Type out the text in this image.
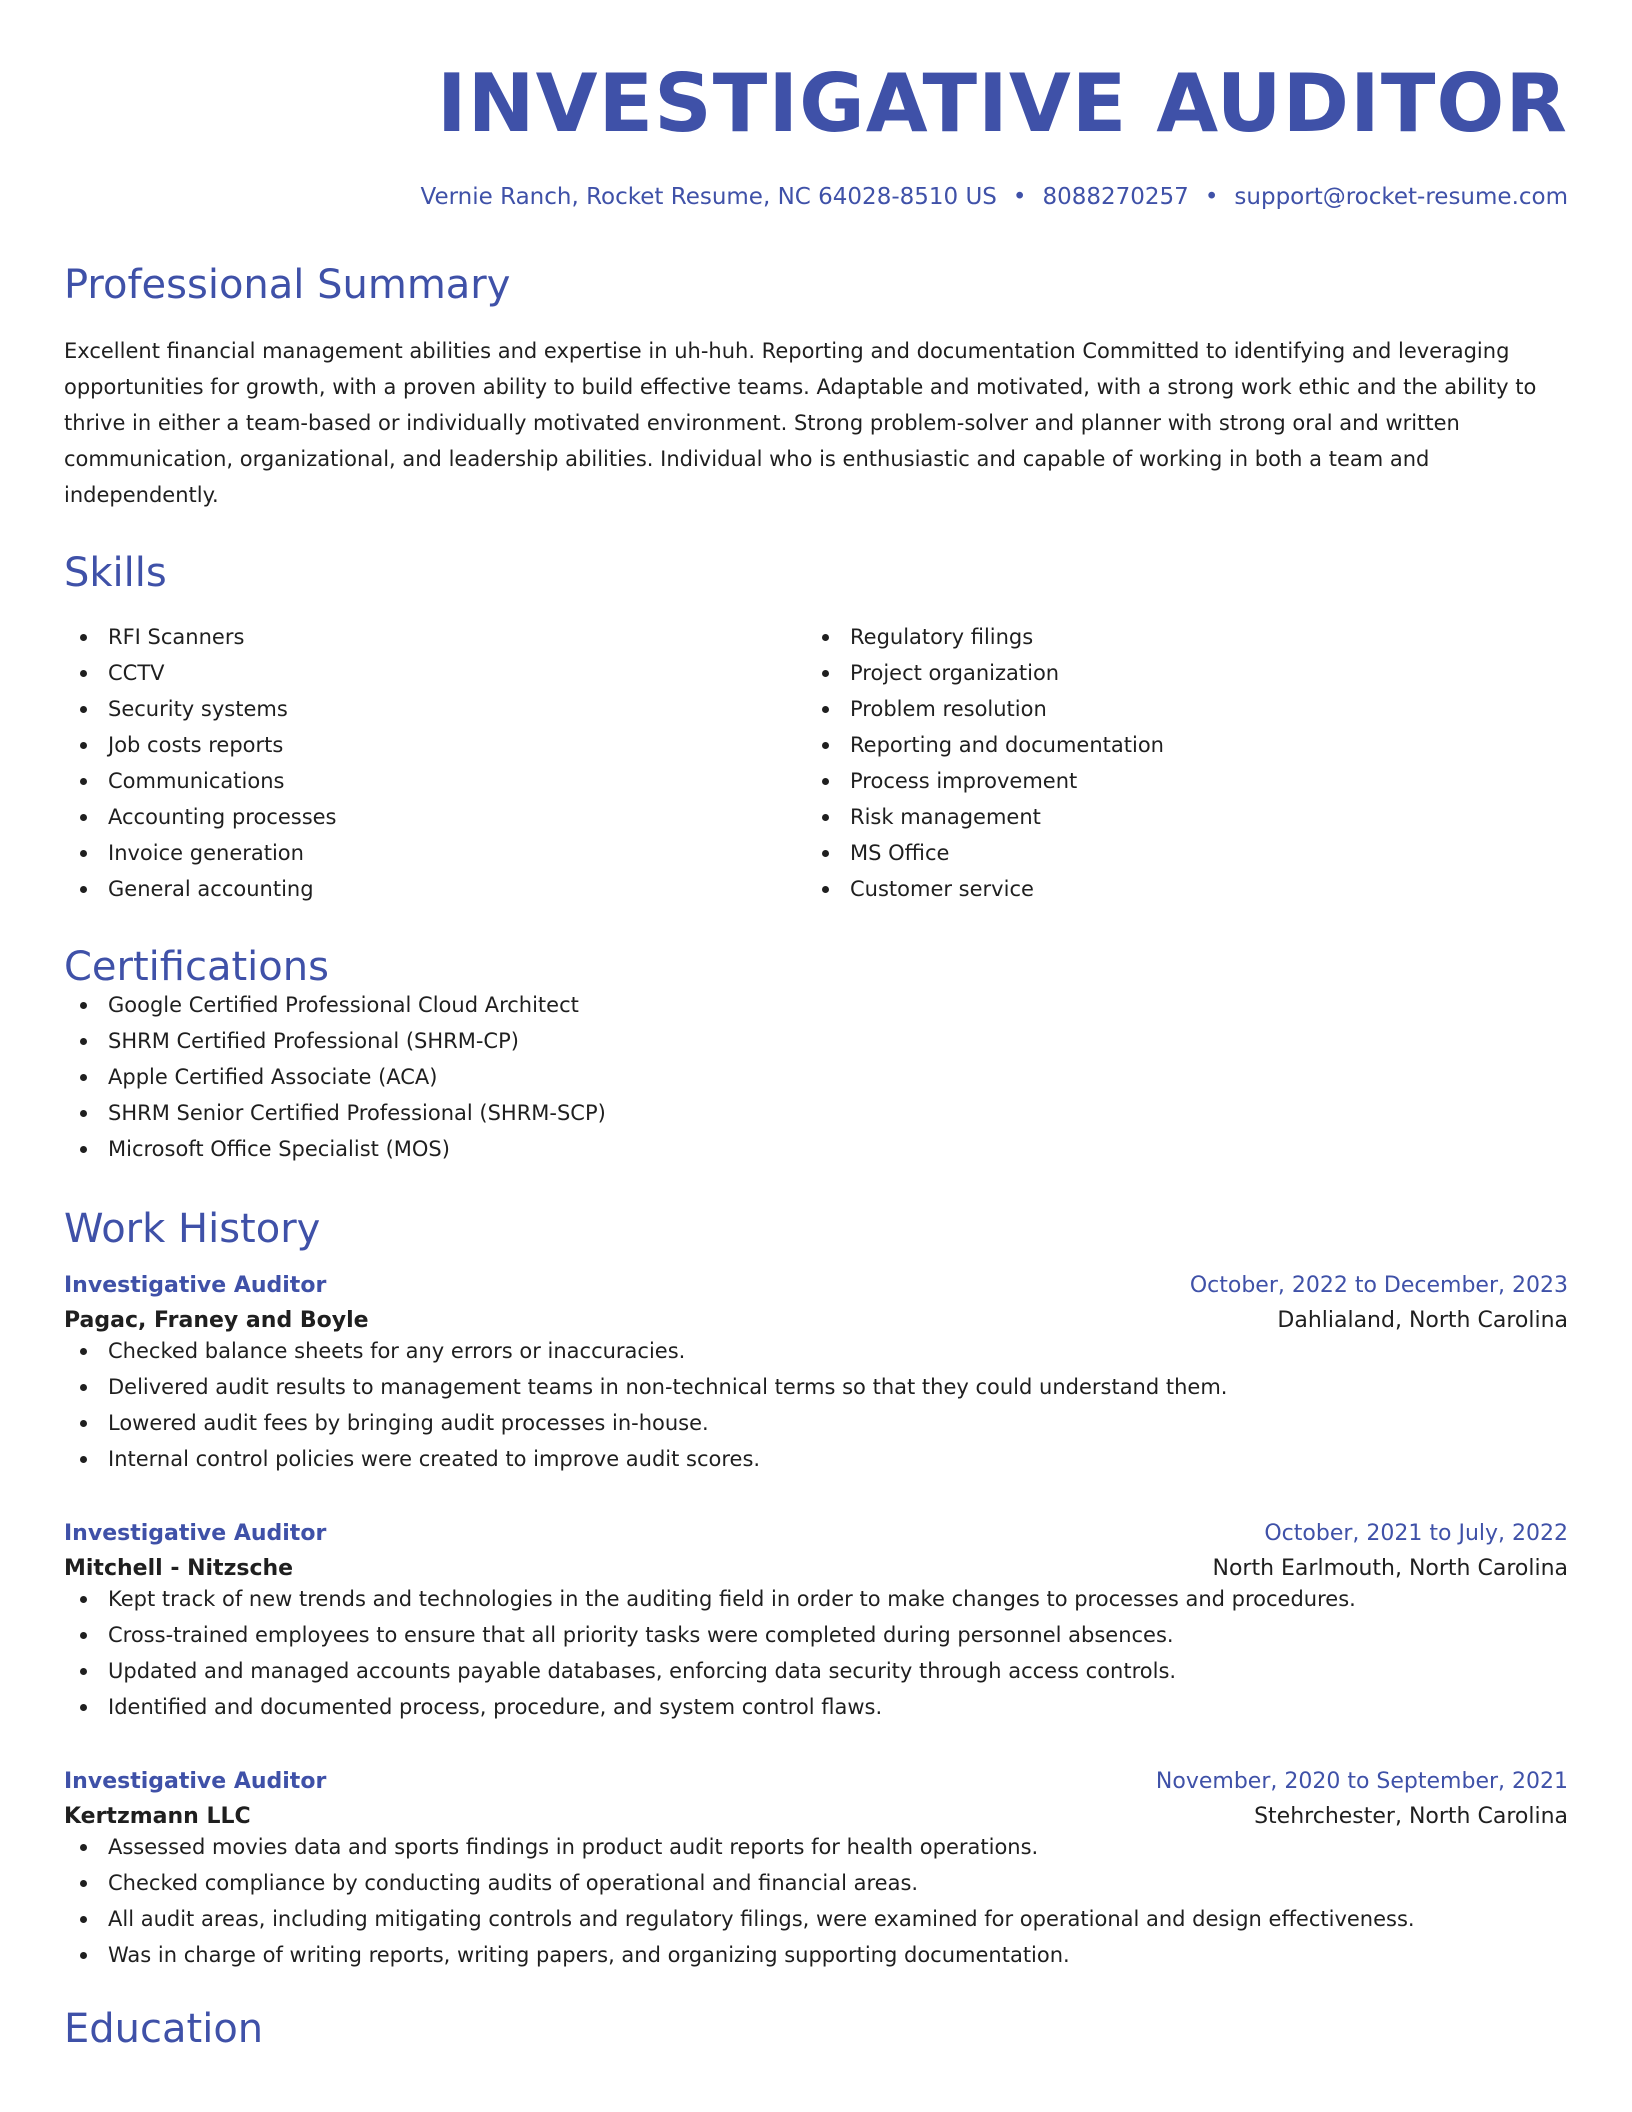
INVESTIGATIVE AUDITOR
Vernie Ranch, Rocket Resume, NC 64028-8510 US • 8088270257 • support@rocket-resume.com
Professional Summary
Excellent financial management abilities and expertise in uh-huh. Reporting and documentation Committed to identifying and leveraging opportunities for growth, with a proven ability to build effective teams. Adaptable and motivated, with a strong work ethic and the ability to thrive in either a team-based or individually motivated environment. Strong problem-solver and planner with strong oral and written communication, organizational, and leadership abilities. Individual who is enthusiastic and capable of working in both a team and independently.
Skills
RFI Scanners
CCTV
Security systems
Job costs reports
Communications
Accounting processes
Invoice generation
General accounting
Regulatory filings
Project organization
Problem resolution
Reporting and documentation
Process improvement
Risk management
MS Office
Customer service
Certifications
Google Certified Professional Cloud Architect
SHRM Certified Professional (SHRM-CP)
Apple Certified Associate (ACA)
SHRM Senior Certified Professional (SHRM-SCP)
Microsoft Office Specialist (MOS)
Work History
Investigative Auditor	October, 2022 to December, 2023
Pagac, Franey and Boyle	Dahlialand, North Carolina
Checked balance sheets for any errors or inaccuracies.
Delivered audit results to management teams in non-technical terms so that they could understand them.
Lowered audit fees by bringing audit processes in-house.
Internal control policies were created to improve audit scores.
Investigative Auditor	October, 2021 to July, 2022
Mitchell - Nitzsche	North Earlmouth, North Carolina
Kept track of new trends and technologies in the auditing field in order to make changes to processes and procedures.
Cross-trained employees to ensure that all priority tasks were completed during personnel absences.
Updated and managed accounts payable databases, enforcing data security through access controls.
Identified and documented process, procedure, and system control flaws.
Investigative Auditor	November, 2020 to September, 2021
Kertzmann LLC	Stehrchester, North Carolina
Assessed movies data and sports findings in product audit reports for health operations.
Checked compliance by conducting audits of operational and financial areas.
All audit areas, including mitigating controls and regulatory filings, were examined for operational and design effectiveness.
Was in charge of writing reports, writing papers, and organizing supporting documentation.
Education
